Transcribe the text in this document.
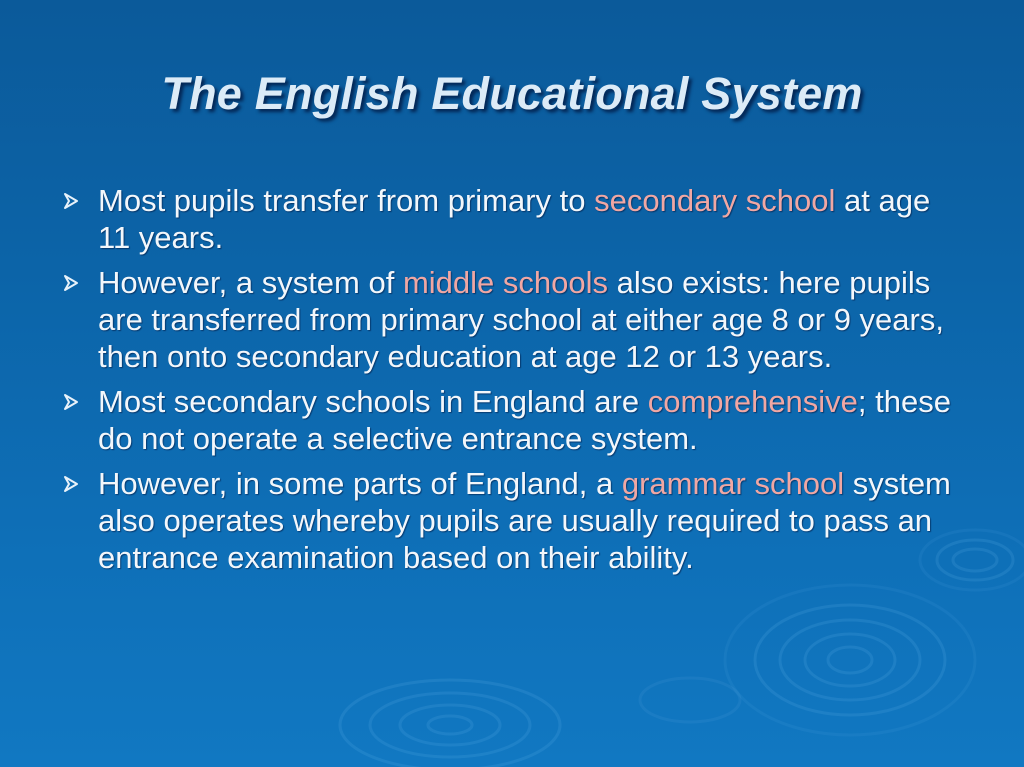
The English Educational System
Most pupils transfer from primary to secondary school at age 11 years.
However, a system of middle schools also exists: here pupils are transferred from primary school at either age 8 or 9 years, then onto secondary education at age 12 or 13 years.
Most secondary schools in England are comprehensive; these do not operate a selective entrance system.
However, in some parts of England, a grammar school system also operates whereby pupils are usually required to pass an entrance examination based on their ability.
